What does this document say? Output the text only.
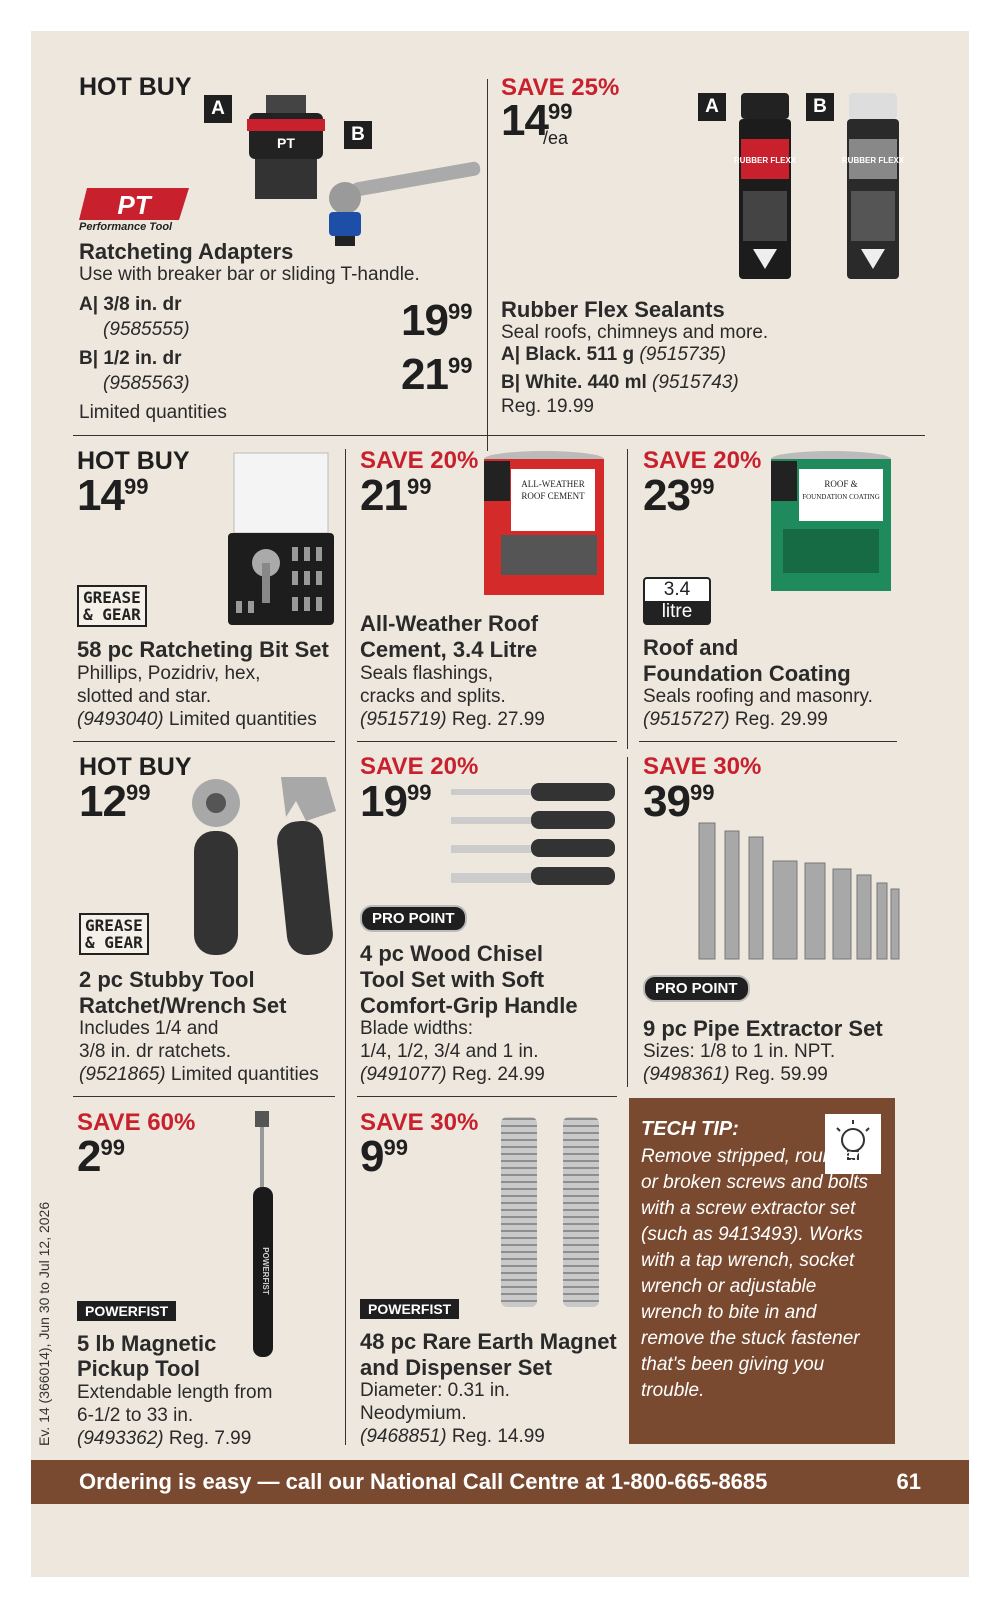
HOT BUY
A
B
PT
PT
Performance Tool
Ratcheting Adapters
Use with breaker bar or sliding T-handle.
A| 3/8 in. dr
(9585555)	1999
B| 1/2 in. dr
(9585563)	2199
Limited quantities
SAVE 25%
1499
/ea
A	B
RUBBER FLEXX	RUBBER FLEXX
Rubber Flex Sealants
Seal roofs, chimneys and more.
A| Black. 511 g (9515735)
B| White. 440 ml (9515743)
Reg. 19.99
HOT BUY
1499
GREASE
& GEAR
58 pc Ratcheting Bit Set
Phillips, Pozidriv, hex,
slotted and star.
(9493040) Limited quantities
SAVE 20%
2199	ALL-WEATHER
ROOF CEMENT
All-Weather Roof
Cement, 3.4 Litre
Seals flashings,
cracks and splits.
(9515719) Reg. 27.99
SAVE 20%
2399	ROOF &
FOUNDATION COATING
3.4
litre
Roof and
Foundation Coating
Seals roofing and masonry.
(9515727) Reg. 29.99
HOT BUY
1299
GREASE
& GEAR
2 pc Stubby Tool
Ratchet/Wrench Set
Includes 1/4 and
3/8 in. dr ratchets.
(9521865) Limited quantities
SAVE 20%
1999
PRO POINT
4 pc Wood Chisel
Tool Set with Soft
Comfort-Grip Handle
Blade widths:
1/4, 1/2, 3/4 and 1 in.
(9491077) Reg. 24.99
SAVE 30%
3999
PRO POINT
9 pc Pipe Extractor Set
Sizes: 1/8 to 1 in. NPT.
(9498361) Reg. 59.99
SAVE 60%
299
POWERFIST
POWERFIST
5 lb Magnetic
Pickup Tool
Extendable length from
6-1/2 to 33 in.
(9493362) Reg. 7.99
SAVE 30%
999
POWERFIST
48 pc Rare Earth Magnet
and Dispenser Set
Diameter: 0.31 in.
Neodymium.
(9468851) Reg. 14.99
TECH TIP:
Remove stripped, rounded or broken screws and bolts with a screw extractor set (such as 9413493). Works with a tap wrench, socket wrench or adjustable wrench to bite in and remove the stuck fastener that's been giving you trouble.
Ev. 14 (366014), Jun 30 to Jul 12, 2026
Ordering is easy — call our National Call Centre at 1-800-665-8685	61
